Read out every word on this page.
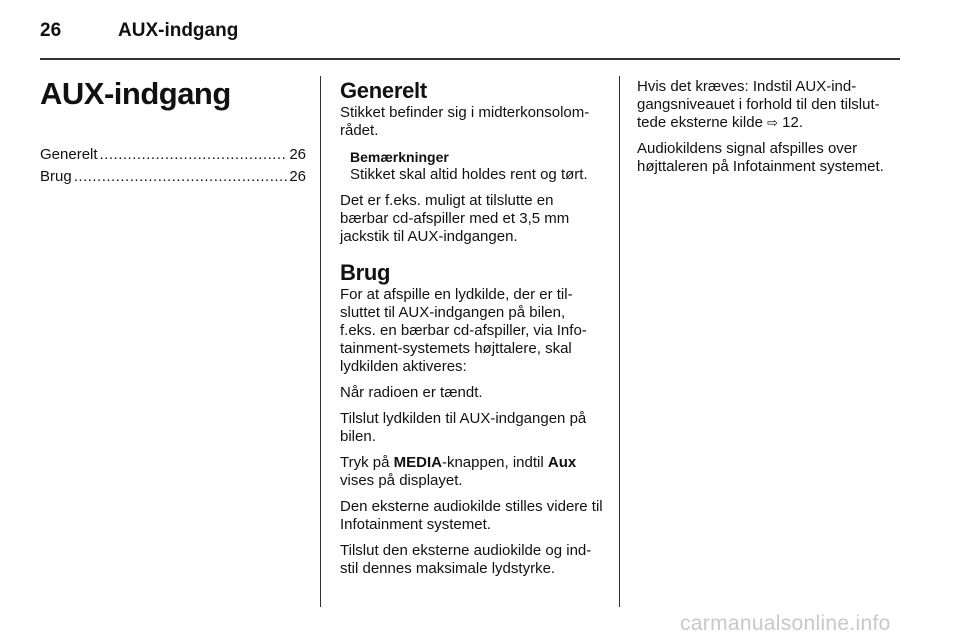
26	AUX-indgang
AUX-indgang
Generelt .....	26
Brug .....	26
Generelt

Stikket befinder sig i midterkonsolom-rådet.

Bemærkninger
Stikket skal altid holdes rent og tørt.

Det er f.eks. muligt at tilslutte en bærbar cd-afspiller med et 3,5 mm jackstik til AUX-indgangen.

Brug

For at afspille en lydkilde, der er til-sluttet til AUX-indgangen på bilen, f.eks. en bærbar cd-afspiller, via Info-tainment-systemets højttalere, skal lydkilden aktiveres:

Når radioen er tændt.

Tilslut lydkilden til AUX-indgangen på bilen.

Tryk på MEDIA-knappen, indtil Aux vises på displayet.

Den eksterne audiokilde stilles videre til Infotainment systemet.

Tilslut den eksterne audiokilde og ind-stil dennes maksimale lydstyrke.

Hvis det kræves: Indstil AUX-ind-gangsniveauet i forhold til den tilslut-tede eksterne kilde ⇨ 12.

Audiokildens signal afspilles over højttaleren på Infotainment systemet.

carmanualsonline.info
